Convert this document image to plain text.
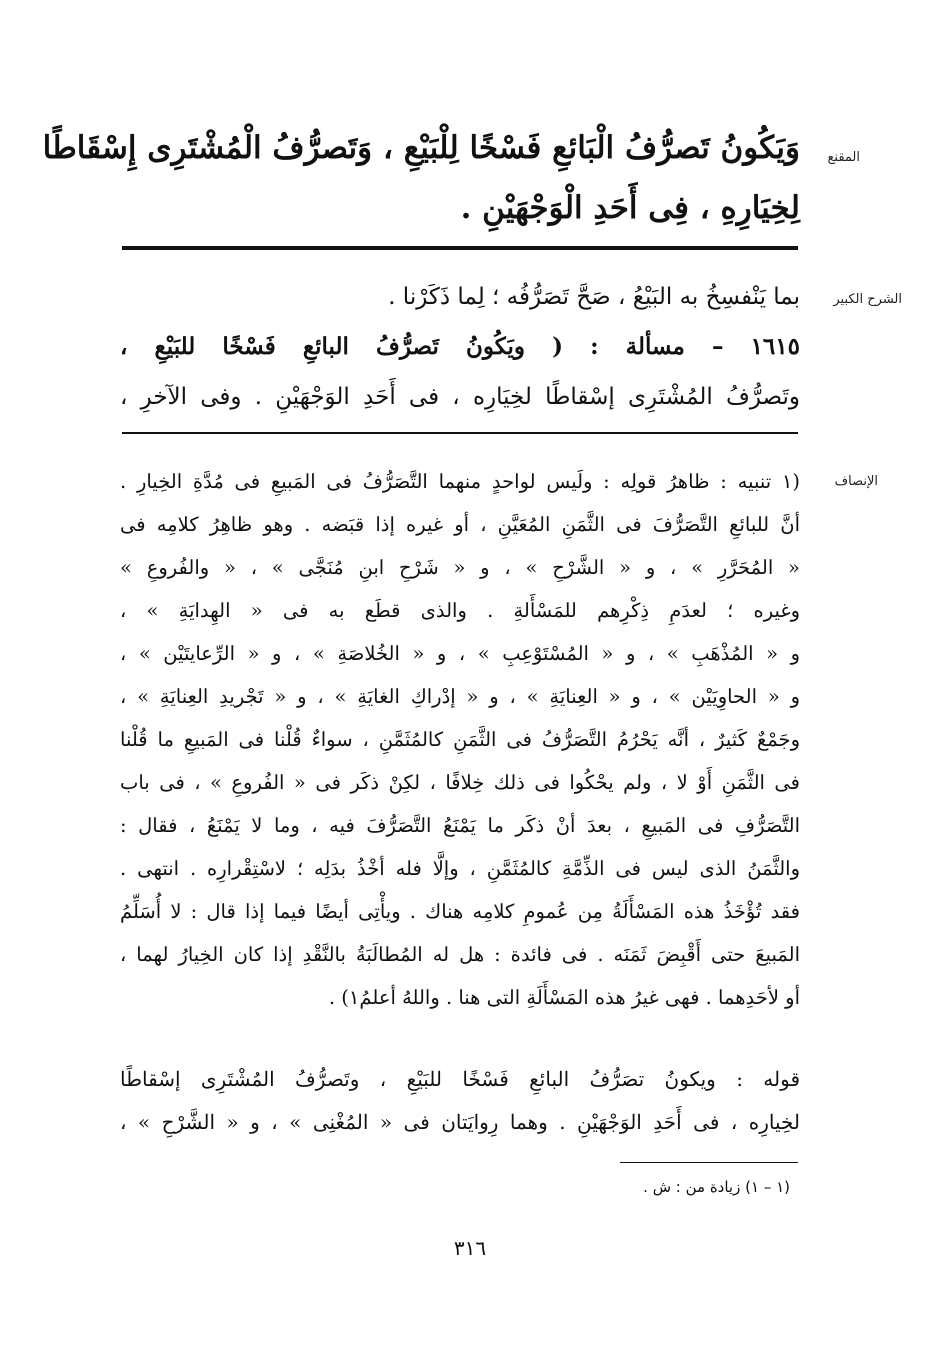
المقنع
وَيَكُونُ تَصرُّفُ الْبَائعِ فَسْخًا لِلْبَيْعِ ، وَتَصرُّفُ الْمُشْتَرِى إِسْقَاطًا
لِخِيَارِهِ ، فِى أَحَدِ الْوَجْهَيْنِ .
الشرح الكبير
بما يَنْفسِخُ به البَيْعُ ، صَحَّ تَصَرُّفُه ؛ لِما ذَكَرْنا .
١٦١٥ – مسألة : ( ويَكُونُ تَصرُّفُ البائعِ فَسْخًا للبَيْعِ ،
وتَصرُّفُ المُشْتَرِى إسْقاطًا لخِيَارِه ، فى أَحَدِ الوَجْهَيْنِ . وفى الآخرِ ،
الإنصاف
(١ تنبيه : ظاهرُ قولِه : ولَيس لواحدٍ منهما التَّصَرُّفُ فى المَبيعِ فى مُدَّةِ الخِيارِ .
أنَّ للبائعِ التَّصَرُّفَ فى الثَّمَنِ المُعَيَّنِ ، أو غيره إذا قبَضه . وهو ظاهِرُ كلامِه فى
« المُحَرَّرِ » ، و « الشَّرْحِ » ، و « شَرْحِ ابنِ مُنَجَّى » ، « والفُروعِ »
وغيره ؛ لعدَمِ ذِكْرِهم للمَسْأَلةِ . والذى قطَع به فى « الهِدايَةِ » ،
و « المُذْهَبِ » ، و « المُسْتَوْعِبِ » ، و « الخُلاصَةِ » ، و « الرِّعايتَيْن » ،
و « الحاوِيَيْن » ، و « العِنايَةِ » ، و « إدْراكِ الغايَةِ » ، و « تَجْريدِ العِنايَةِ » ،
وجَمْعٌ كَثيرٌ ، أنَّه يَحْرُمُ التَّصَرُّفُ فى الثَّمَنِ كالمُثَمَّنِ ، سواءٌ قُلْنا فى المَبيعِ ما قُلْنا
فى الثَّمَنِ أَوْ لا ، ولم يحْكُوا فى ذلك خِلافًا ، لكِنْ ذكَر فى « الفُروعِ » ، فى باب
التَّصَرُّفِ فى المَبيعِ ، بعدَ أنْ ذكَر ما يَمْنَعُ التَّصَرُّفَ فيه ، وما لا يَمْنَعُ ، فقال :
والثَّمَنُ الذى ليس فى الذِّمَّةِ كالمُثَمَّنِ ، وإلَّا فله أخْذُ بدَلِه ؛ لاسْتِقْرارِه . انتهى .
فقد تُؤْخَذُ هذه المَسْأَلَةُ مِن عُمومِ كلامِه هناك . ويأْتِى أيضًا فيما إذا قال : لا أُسَلِّمُ
المَبيعَ حتى أَقْبِضَ ثَمَنَه . فى فائدة : هل له المُطالَبَةُ بالنَّقْدِ إذا كان الخِيارُ لهما ،
أو لأحَدِهما . فهى غيرُ هذه المَسْأَلَةِ التى هنا . واللهُ أعلمُ١) .
قوله : ويكونُ تصَرُّفُ البائعِ فَسْخًا للبَيْعِ ، وتَصرُّفُ المُشْتَرِى إسْقاطًا
لخِيارِه ، فى أَحَدِ الوَجْهَيْنِ . وهما رِوايَتان فى « المُغْنِى » ، و « الشَّرْحِ » ،
(١ – ١) زيادة من : ش .
٣١٦
